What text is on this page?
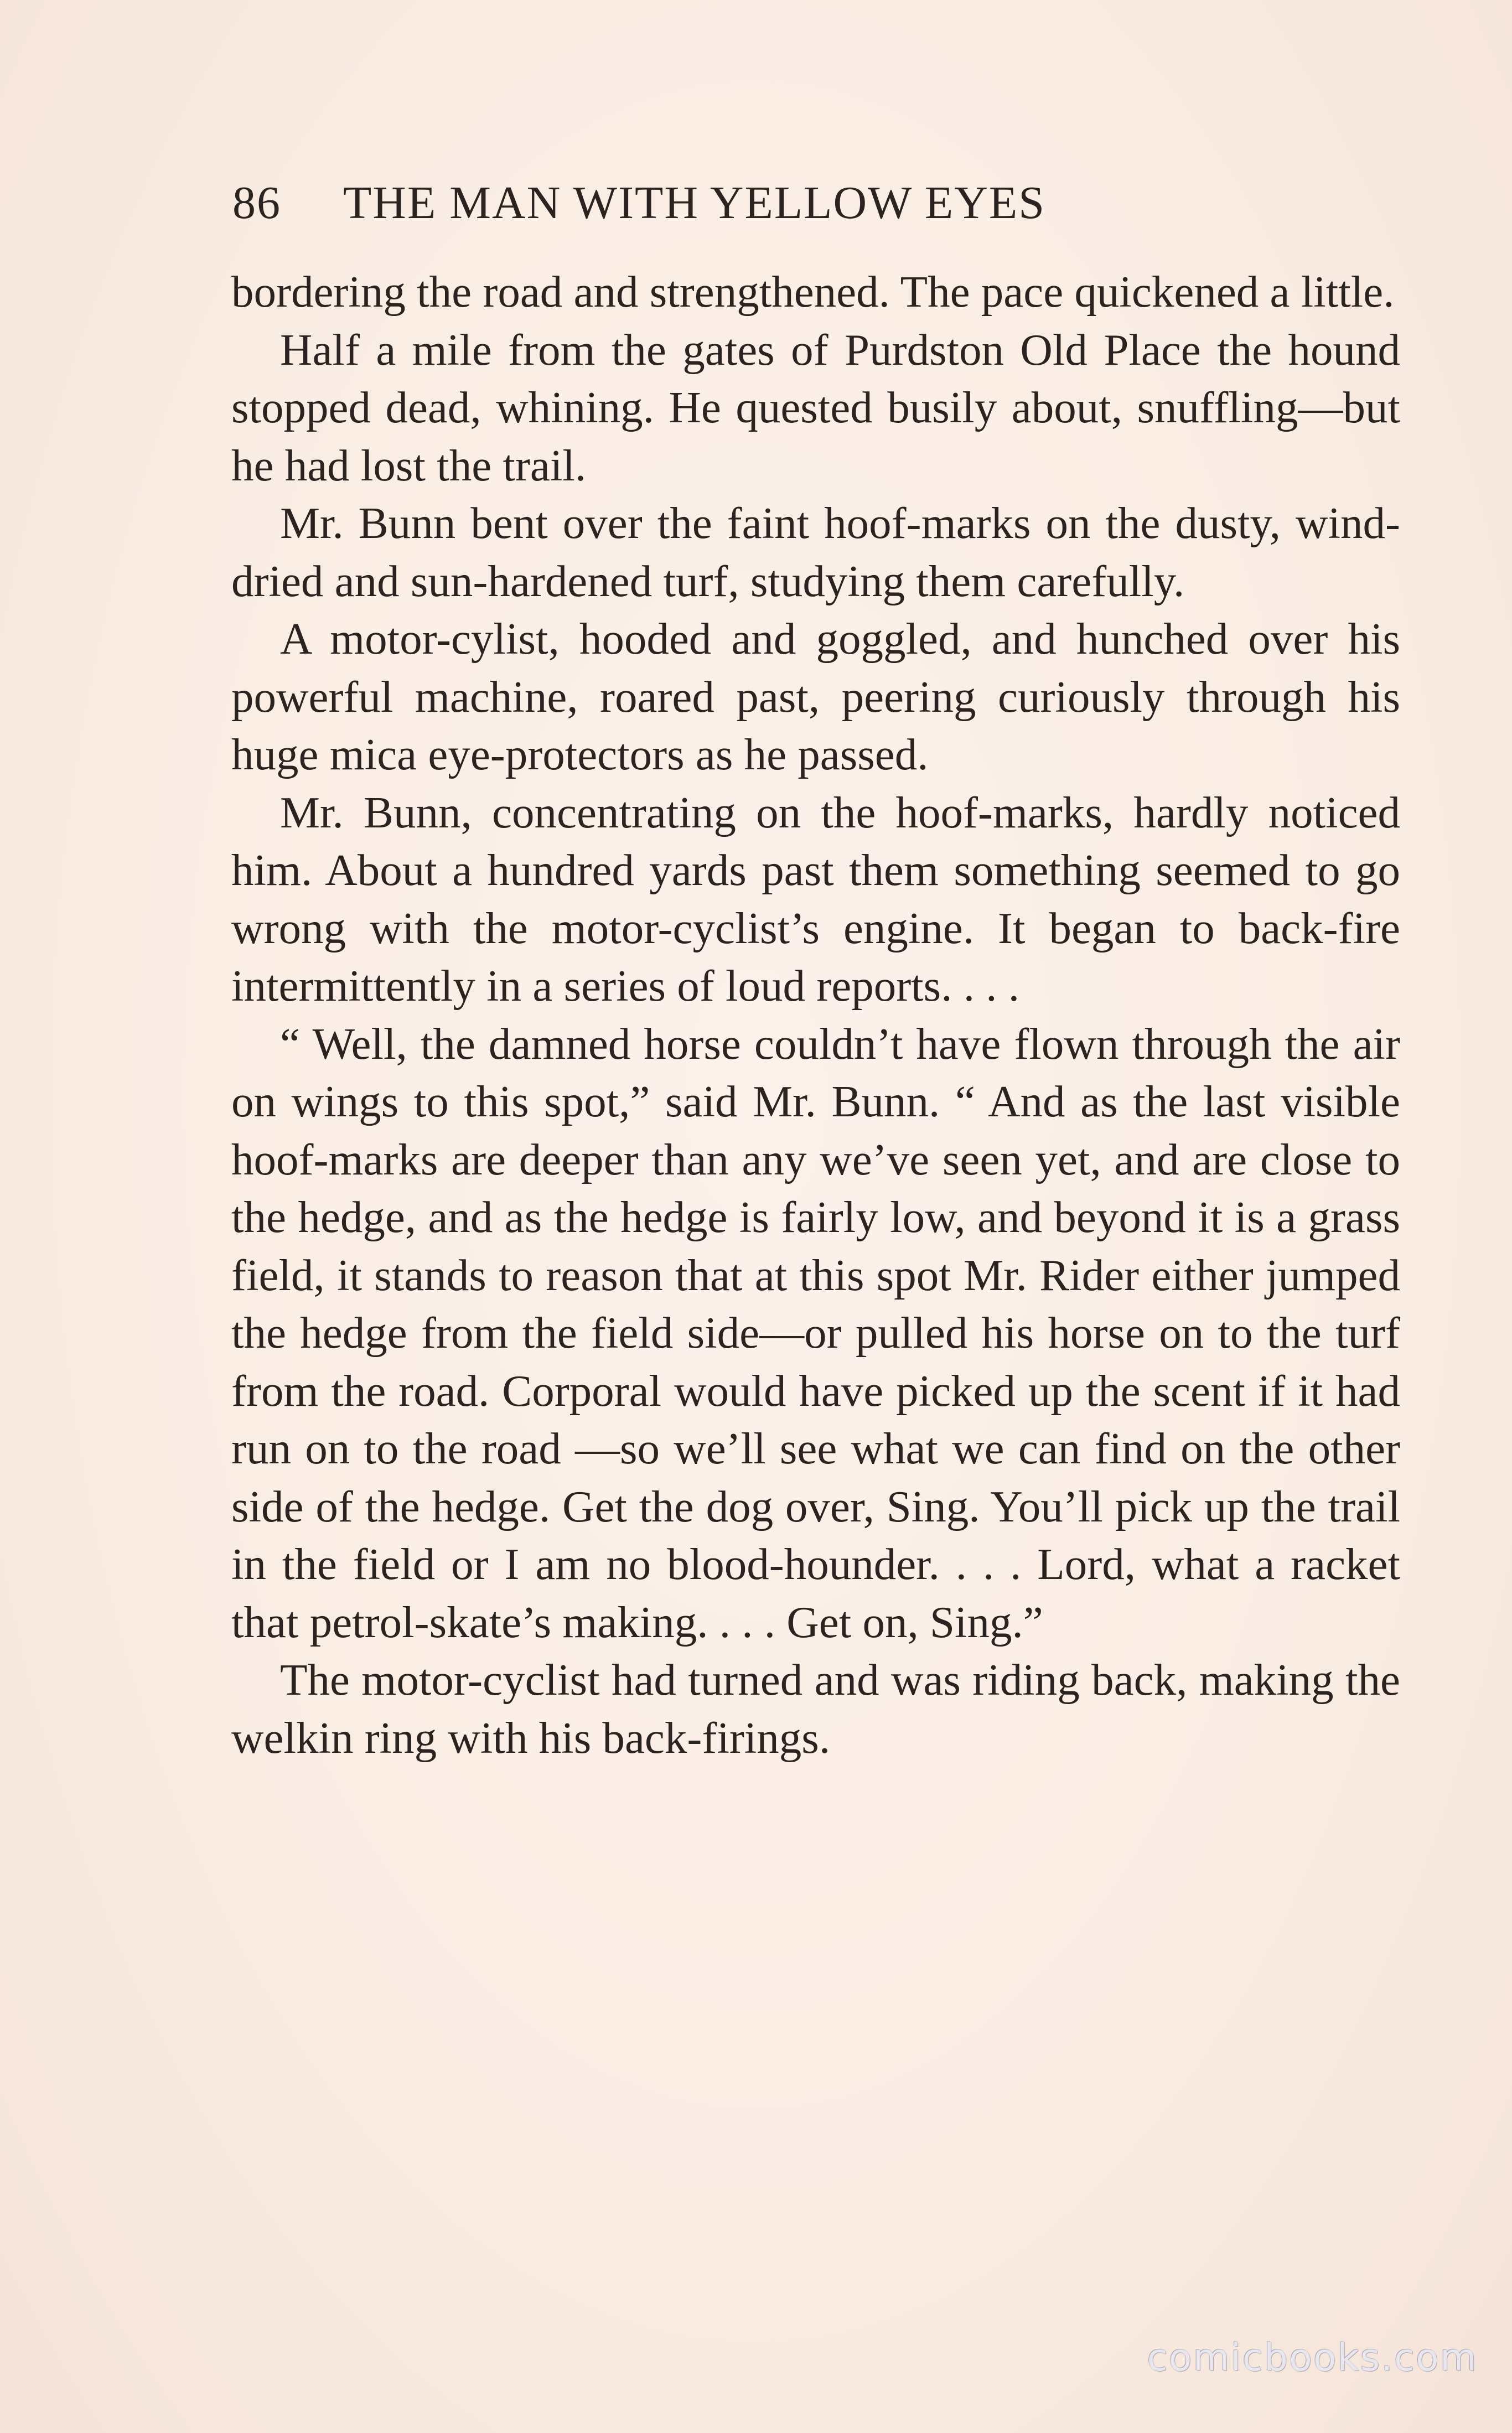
86 THE MAN WITH YELLOW EYES

bordering the road and strengthened. The pace quickened a little.

Half a mile from the gates of Purdston Old Place the hound stopped dead, whining. He quested busily about, snuffling—but he had lost the trail.

Mr. Bunn bent over the faint hoof-marks on the dusty, wind-dried and sun-hardened turf, studying them carefully.

A motor-cylist, hooded and goggled, and hunched over his powerful machine, roared past, peering curiously through his huge mica eye-protectors as he passed.

Mr. Bunn, concentrating on the hoof-marks, hardly noticed him. About a hundred yards past them something seemed to go wrong with the motor-cyclist’s engine. It began to back-fire intermittently in a series of loud reports. . . .

“ Well, the damned horse couldn’t have flown through the air on wings to this spot,” said Mr. Bunn. “ And as the last visible hoof-marks are deeper than any we’ve seen yet, and are close to the hedge, and as the hedge is fairly low, and beyond it is a grass field, it stands to reason that at this spot Mr. Rider either jumped the hedge from the field side—or pulled his horse on to the turf from the road. Corporal would have picked up the scent if it had run on to the road —so we’ll see what we can find on the other side of the hedge. Get the dog over, Sing. You’ll pick up the trail in the field or I am no blood-hounder. . . . Lord, what a racket that petrol-skate’s making. . . . Get on, Sing.”

The motor-cyclist had turned and was riding back, making the welkin ring with his back-firings.

comicbooks.com
